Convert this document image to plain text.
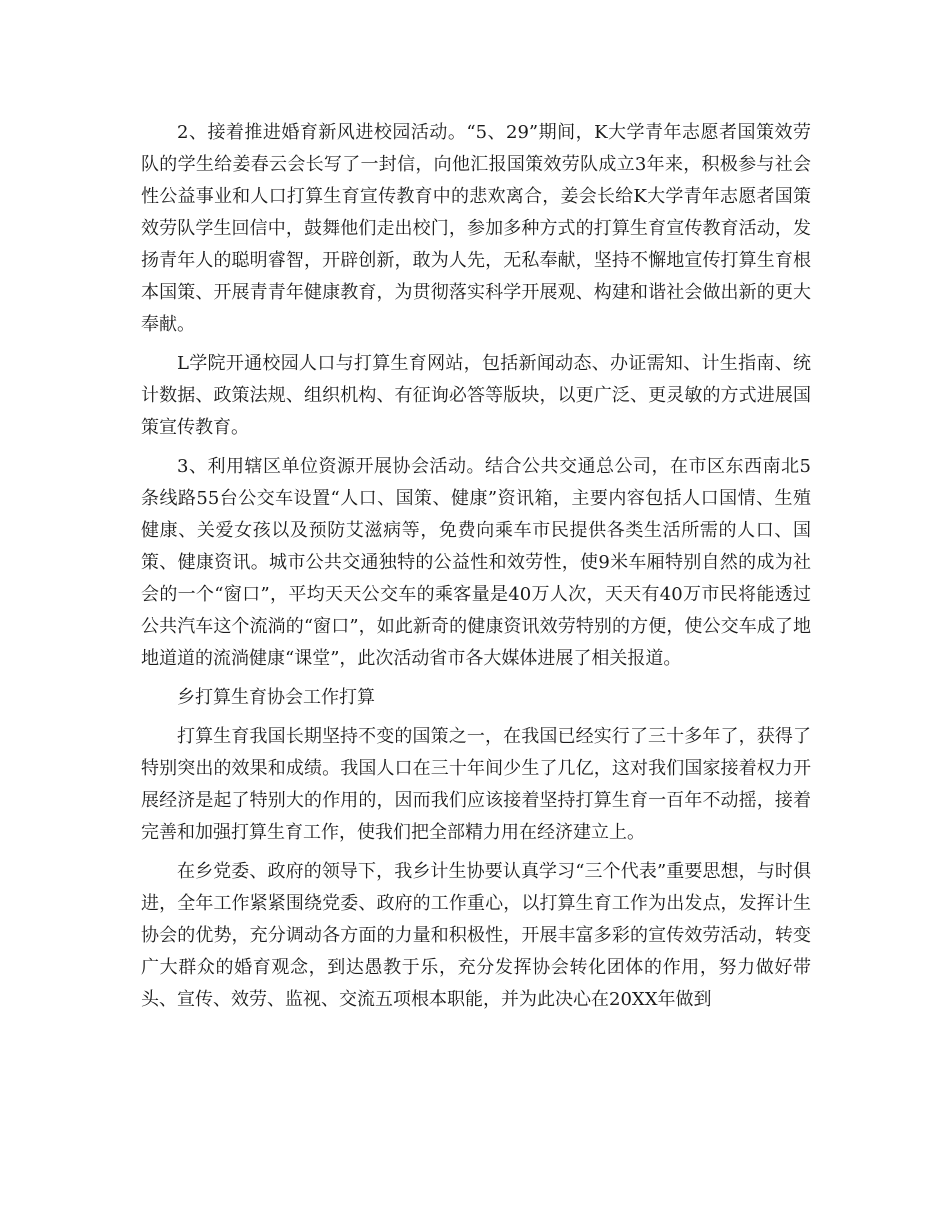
2、接着推进婚育新风进校园活动。“5、29”期间，K大学青年志愿者国策效劳队的学生给姜春云会长写了一封信，向他汇报国策效劳队成立3年来，积极参与社会性公益事业和人口打算生育宣传教育中的悲欢离合，姜会长给K大学青年志愿者国策效劳队学生回信中，鼓舞他们走出校门，参加多种方式的打算生育宣传教育活动，发扬青年人的聪明睿智，开辟创新，敢为人先，无私奉献，坚持不懈地宣传打算生育根本国策、开展青青年健康教育，为贯彻落实科学开展观、构建和谐社会做出新的更大奉献。

L学院开通校园人口与打算生育网站，包括新闻动态、办证需知、计生指南、统计数据、政策法规、组织机构、有征询必答等版块，以更广泛、更灵敏的方式进展国策宣传教育。

3、利用辖区单位资源开展协会活动。结合公共交通总公司，在市区东西南北5条线路55台公交车设置“人口、国策、健康”资讯箱，主要内容包括人口国情、生殖健康、关爱女孩以及预防艾滋病等，免费向乘车市民提供各类生活所需的人口、国策、健康资讯。城市公共交通独特的公益性和效劳性，使9米车厢特别自然的成为社会的一个“窗口”，平均天天公交车的乘客量是40万人次，天天有40万市民将能透过公共汽车这个流淌的“窗口”，如此新奇的健康资讯效劳特别的方便，使公交车成了地地道道的流淌健康“课堂”，此次活动省市各大媒体进展了相关报道。

乡打算生育协会工作打算

打算生育我国长期坚持不变的国策之一，在我国已经实行了三十多年了，获得了特别突出的效果和成绩。我国人口在三十年间少生了几亿，这对我们国家接着权力开展经济是起了特别大的作用的，因而我们应该接着坚持打算生育一百年不动摇，接着完善和加强打算生育工作，使我们把全部精力用在经济建立上。

在乡党委、政府的领导下，我乡计生协要认真学习“三个代表”重要思想，与时俱进，全年工作紧紧围绕党委、政府的工作重心，以打算生育工作为出发点，发挥计生协会的优势，充分调动各方面的力量和积极性，开展丰富多彩的宣传效劳活动，转变广大群众的婚育观念，到达愚教于乐，充分发挥协会转化团体的作用，努力做好带头、宣传、效劳、监视、交流五项根本职能，并为此决心在20XX年做到
